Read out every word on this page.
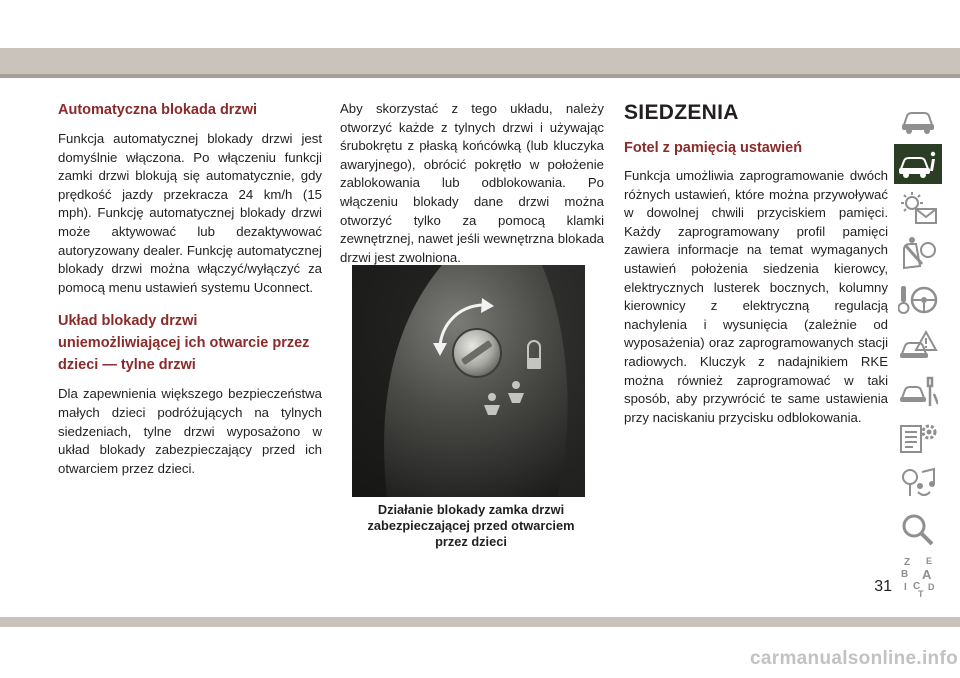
Automatyczna blokada drzwi

Funkcja automatycznej blokady drzwi jest domyślnie włączona. Po włączeniu funkcji zamki drzwi blokują się automatycznie, gdy prędkość jazdy przekracza 24 km/h (15 mph). Funkcję automatycznej blokady drzwi może aktywować lub dezaktywować autoryzowany dealer. Funkcję automatycznej blokady drzwi można włączyć/wyłączyć za pomocą menu ustawień systemu Uconnect.

Układ blokady drzwi
uniemożliwiającej ich otwarcie przez
dzieci — tylne drzwi

Dla zapewnienia większego bezpieczeństwa małych dzieci podróżujących na tylnych siedzeniach, tylne drzwi wyposażono w układ blokady zabezpieczający przed ich otwarciem przez dzieci.

Aby skorzystać z tego układu, należy otworzyć każde z tylnych drzwi i używając śrubokrętu z płaską końcówką (lub kluczyka awaryjnego), obrócić pokrętło w położenie zablokowania lub odblokowania. Po włączeniu blokady dane drzwi można otworzyć tylko za pomocą klamki zewnętrznej, nawet jeśli wewnętrzna blokada drzwi jest zwolniona.

Działanie blokady zamka drzwi
zabezpieczającej przed otwarciem
przez dzieci
SIEDZENIA
Fotel z pamięcią ustawień

Funkcja umożliwia zaprogramowanie dwóch różnych ustawień, które można przywoływać w dowolnej chwili przyciskiem pamięci. Każdy zaprogramowany profil pamięci zawiera informacje na temat wymaganych ustawień położenia siedzenia kierowcy, elektrycznych lusterek bocznych, kolumny kierownicy z elektryczną regulacją nachylenia i wysunięcia (zależnie od wyposażenia) oraz zaprogramowanych stacji radiowych. Kluczyk z nadajnikiem RKE można również zaprogramować w taki sposób, aby przywrócić te same ustawienia przy naciskaniu przycisku odblokowania.

Z E
B A
I C D
T
31
carmanualsonline.info
